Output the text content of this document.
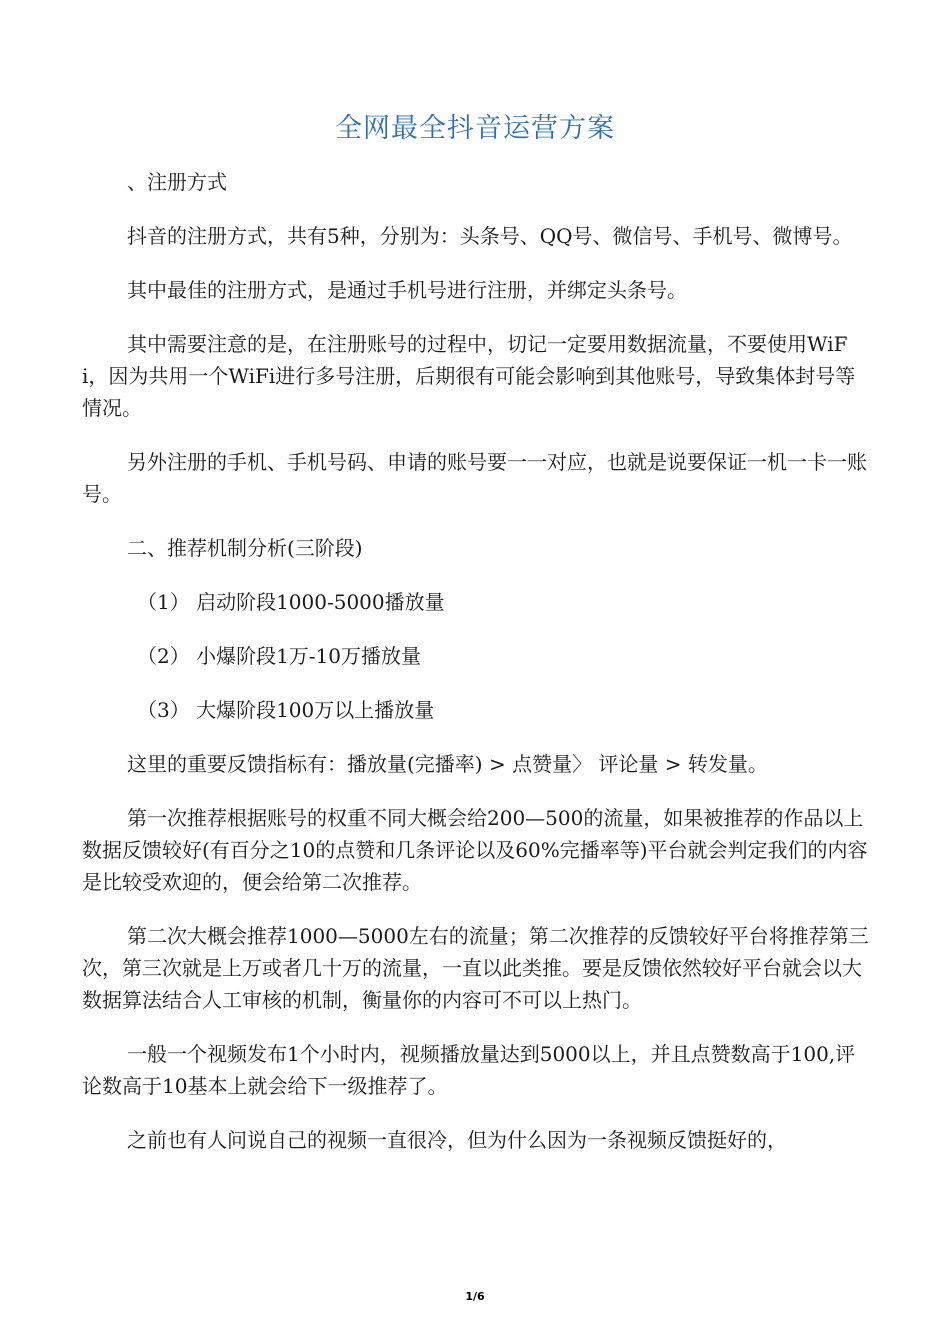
全网最全抖音运营方案

、注册方式

抖音的注册方式，共有5种，分别为：头条号、QQ号、微信号、手机号、微博号。

其中最佳的注册方式，是通过手机号进行注册，并绑定头条号。

其中需要注意的是，在注册账号的过程中，切记一定要用数据流量，不要使用WiFi，因为共用一个WiFi进行多号注册，后期很有可能会影响到其他账号，导致集体封号等情况。

另外注册的手机、手机号码、申请的账号要一一对应，也就是说要保证一机一卡一账号。

二、推荐机制分析(三阶段)

（1） 启动阶段1000-5000播放量

（2） 小爆阶段1万-10万播放量

（3） 大爆阶段100万以上播放量

这里的重要反馈指标有：播放量(完播率) > 点赞量〉 评论量 > 转发量。

第一次推荐根据账号的权重不同大概会给200—500的流量，如果被推荐的作品以上数据反馈较好(有百分之10的点赞和几条评论以及60%完播率等)平台就会判定我们的内容是比较受欢迎的，便会给第二次推荐。

第二次大概会推荐1000—5000左右的流量；第二次推荐的反馈较好平台将推荐第三次，第三次就是上万或者几十万的流量，一直以此类推。要是反馈依然较好平台就会以大数据算法结合人工审核的机制，衡量你的内容可不可以上热门。

一般一个视频发布1个小时内，视频播放量达到5000以上，并且点赞数高于100,评论数高于10基本上就会给下一级推荐了。

之前也有人问说自己的视频一直很冷，但为什么因为一条视频反馈挺好的，

1/6
